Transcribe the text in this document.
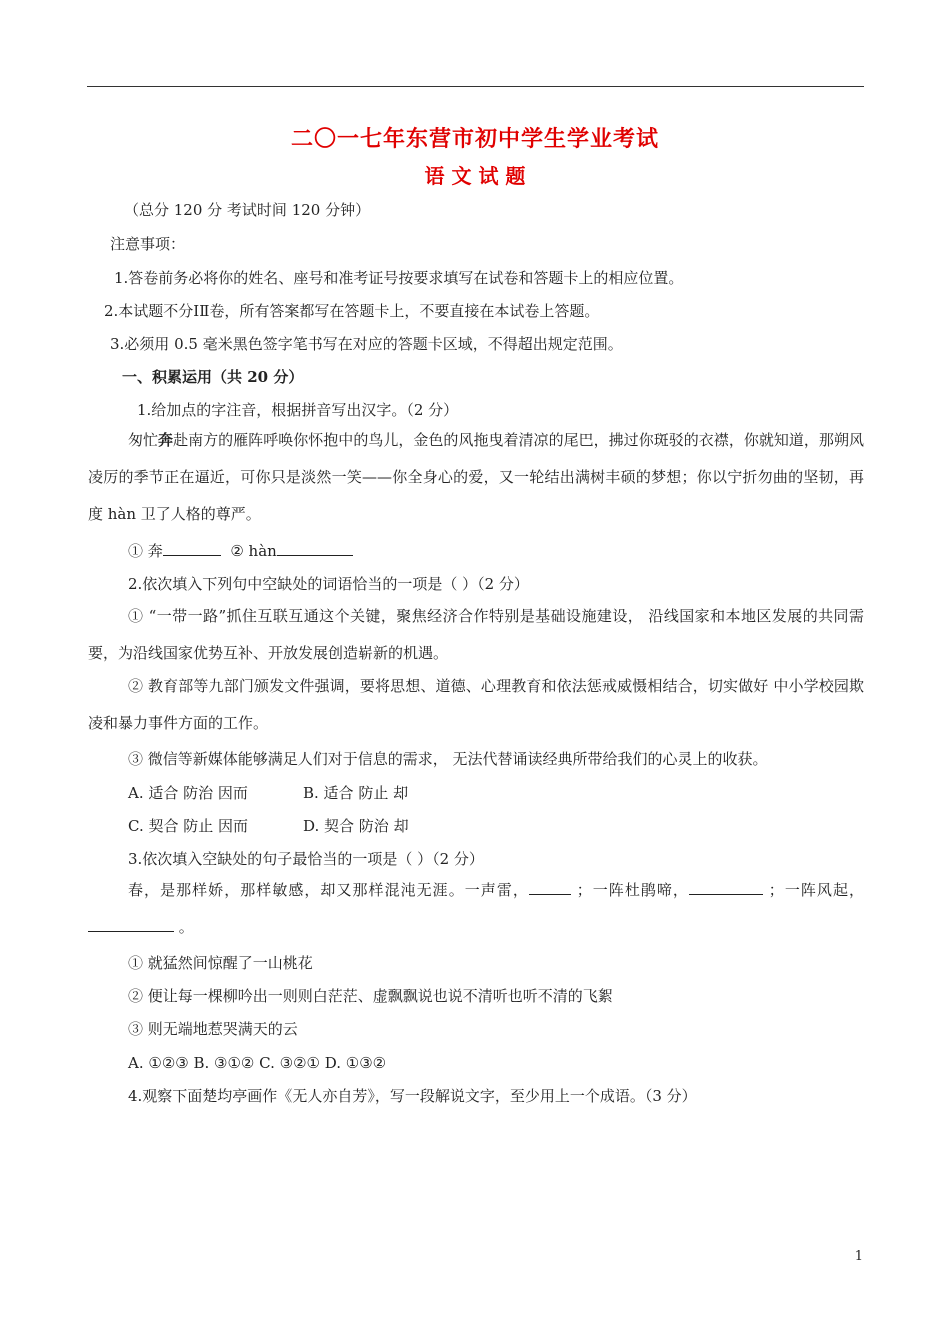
二〇一七年东营市初中学生学业考试
语 文 试 题
（总分 120 分 考试时间 120 分钟）
注意事项：
1.答卷前务必将你的姓名、座号和准考证号按要求填写在试卷和答题卡上的相应位置。
2.本试题不分ⅠⅡ卷，所有答案都写在答题卡上，不要直接在本试卷上答题。
3.必须用 0.5 毫米黑色签字笔书写在对应的答题卡区域，不得超出规定范围。
一、积累运用（共 20 分）
1.给加点的字注音，根据拼音写出汉字。（2 分）
匆忙奔赴南方的雁阵呼唤你怀抱中的鸟儿，金色的风拖曳着清凉的尾巴，拂过你斑驳的衣襟，你就知道，那朔风凌厉的季节正在逼近，可你只是淡然一笑——你全身心的爱，又一轮结出满树丰硕的梦想；你以宁折勿曲的坚韧，再度 hàn 卫了人格的尊严。
① 奔	② hàn
2.依次填入下列句中空缺处的词语恰当的一项是（ ）（2 分）
① “一带一路”抓住互联互通这个关键，聚焦经济合作特别是基础设施建设， 沿线国家和本地区发展的共同需要，为沿线国家优势互补、开放发展创造崭新的机遇。
② 教育部等九部门颁发文件强调，要将思想、道德、心理教育和依法惩戒威慑相结合，切实做好 中小学校园欺凌和暴力事件方面的工作。
③ 微信等新媒体能够满足人们对于信息的需求， 无法代替诵读经典所带给我们的心灵上的收获。
A. 适合 防治 因而	B. 适合 防止 却
C. 契合 防止 因而	D. 契合 防治 却
3.依次填入空缺处的句子最恰当的一项是（ ）（2 分）
春，是那样娇，那样敏感，却又那样混沌无涯。一声雷，	；一阵杜鹃啼，	；一阵风起， 。
① 就猛然间惊醒了一山桃花
② 便让每一棵柳吟出一则则白茫茫、虚飘飘说也说不清听也听不清的飞絮
③ 则无端地惹哭满天的云
A. ①②③ B. ③①② C. ③②① D. ①③②
4.观察下面楚均亭画作《无人亦自芳》，写一段解说文字，至少用上一个成语。（3 分）
1
